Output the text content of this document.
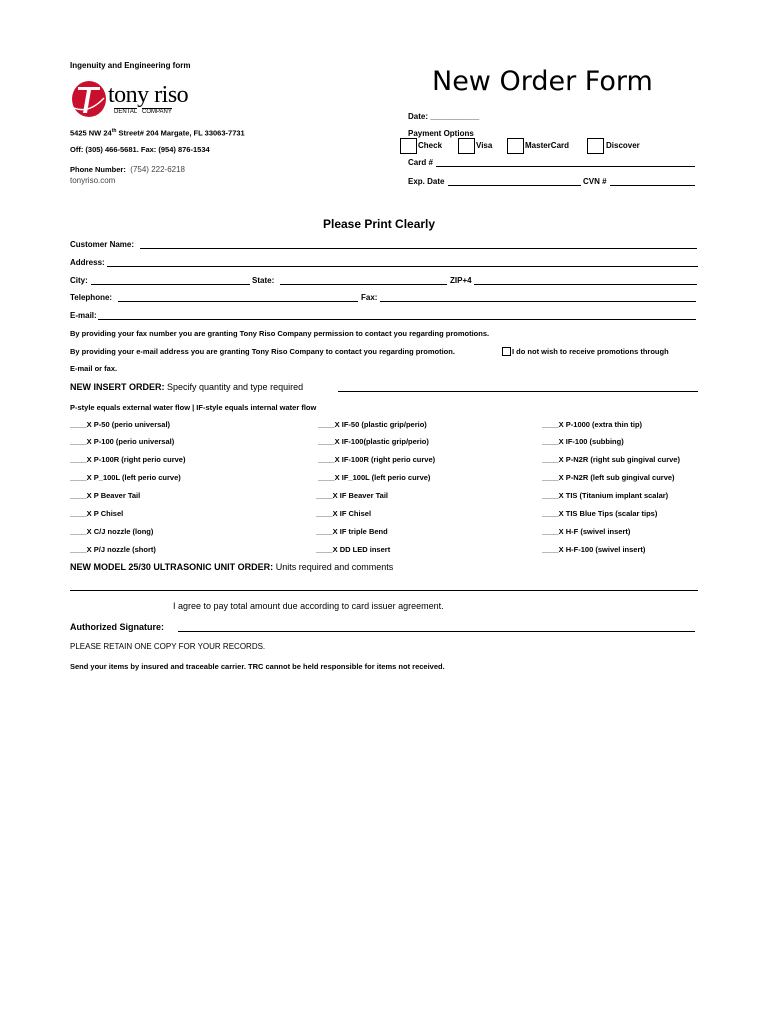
Ingenuity and Engineering form
tony riso
DENTAL COMPANY
5425 NW 24th Street# 204 Margate, FL 33063-7731
Off: (305) 466-5681. Fax: (954) 876-1534
Phone Number: (754) 222-6218
tonyriso.com
New Order Form
Date: ___________
Payment Options
Check	Visa	MasterCard	Discover
Card #
Exp. Date	CVN #
Please Print Clearly
Customer Name:
Address:
City:	State:	ZIP+4
Telephone:	Fax:
E-mail:
By providing your fax number you are granting Tony Riso Company permission to contact you regarding promotions.
By providing your e-mail address you are granting Tony Riso Company to contact you regarding promotion.	I do not wish to receive promotions through
E-mail or fax.
NEW INSERT ORDER: Specify quantity and type required
P-style equals external water flow | IF-style equals internal water flow
____X P-50 (perio universal)	____X IF-50 (plastic grip/perio)	____X P-1000 (extra thin tip)
____X P-100 (perio universal)	____X IF-100(plastic grip/perio)	____X IF-100 (subbing)
____X P-100R (right perio curve)	____X IF-100R (right perio curve)	____X P-N2R (right sub gingival curve)
____X P_100L (left perio curve)	____X IF_100L (left perio curve)	____X P-N2R (left sub gingival curve)
____X P Beaver Tail	____X IF Beaver Tail	____X TIS (Titanium implant scalar)
____X P Chisel	____X IF Chisel	____X TIS Blue Tips (scalar tips)
____X C/J nozzle (long)	____X IF triple Bend	____X H-F (swivel insert)
____X P/J nozzle (short)	____X DD LED insert	____X H-F-100 (swivel insert)
NEW MODEL 25/30 ULTRASONIC UNIT ORDER: Units required and comments
I agree to pay total amount due according to card issuer agreement.
Authorized Signature:
PLEASE RETAIN ONE COPY FOR YOUR RECORDS.
Send your items by insured and traceable carrier. TRC cannot be held responsible for items not received.
